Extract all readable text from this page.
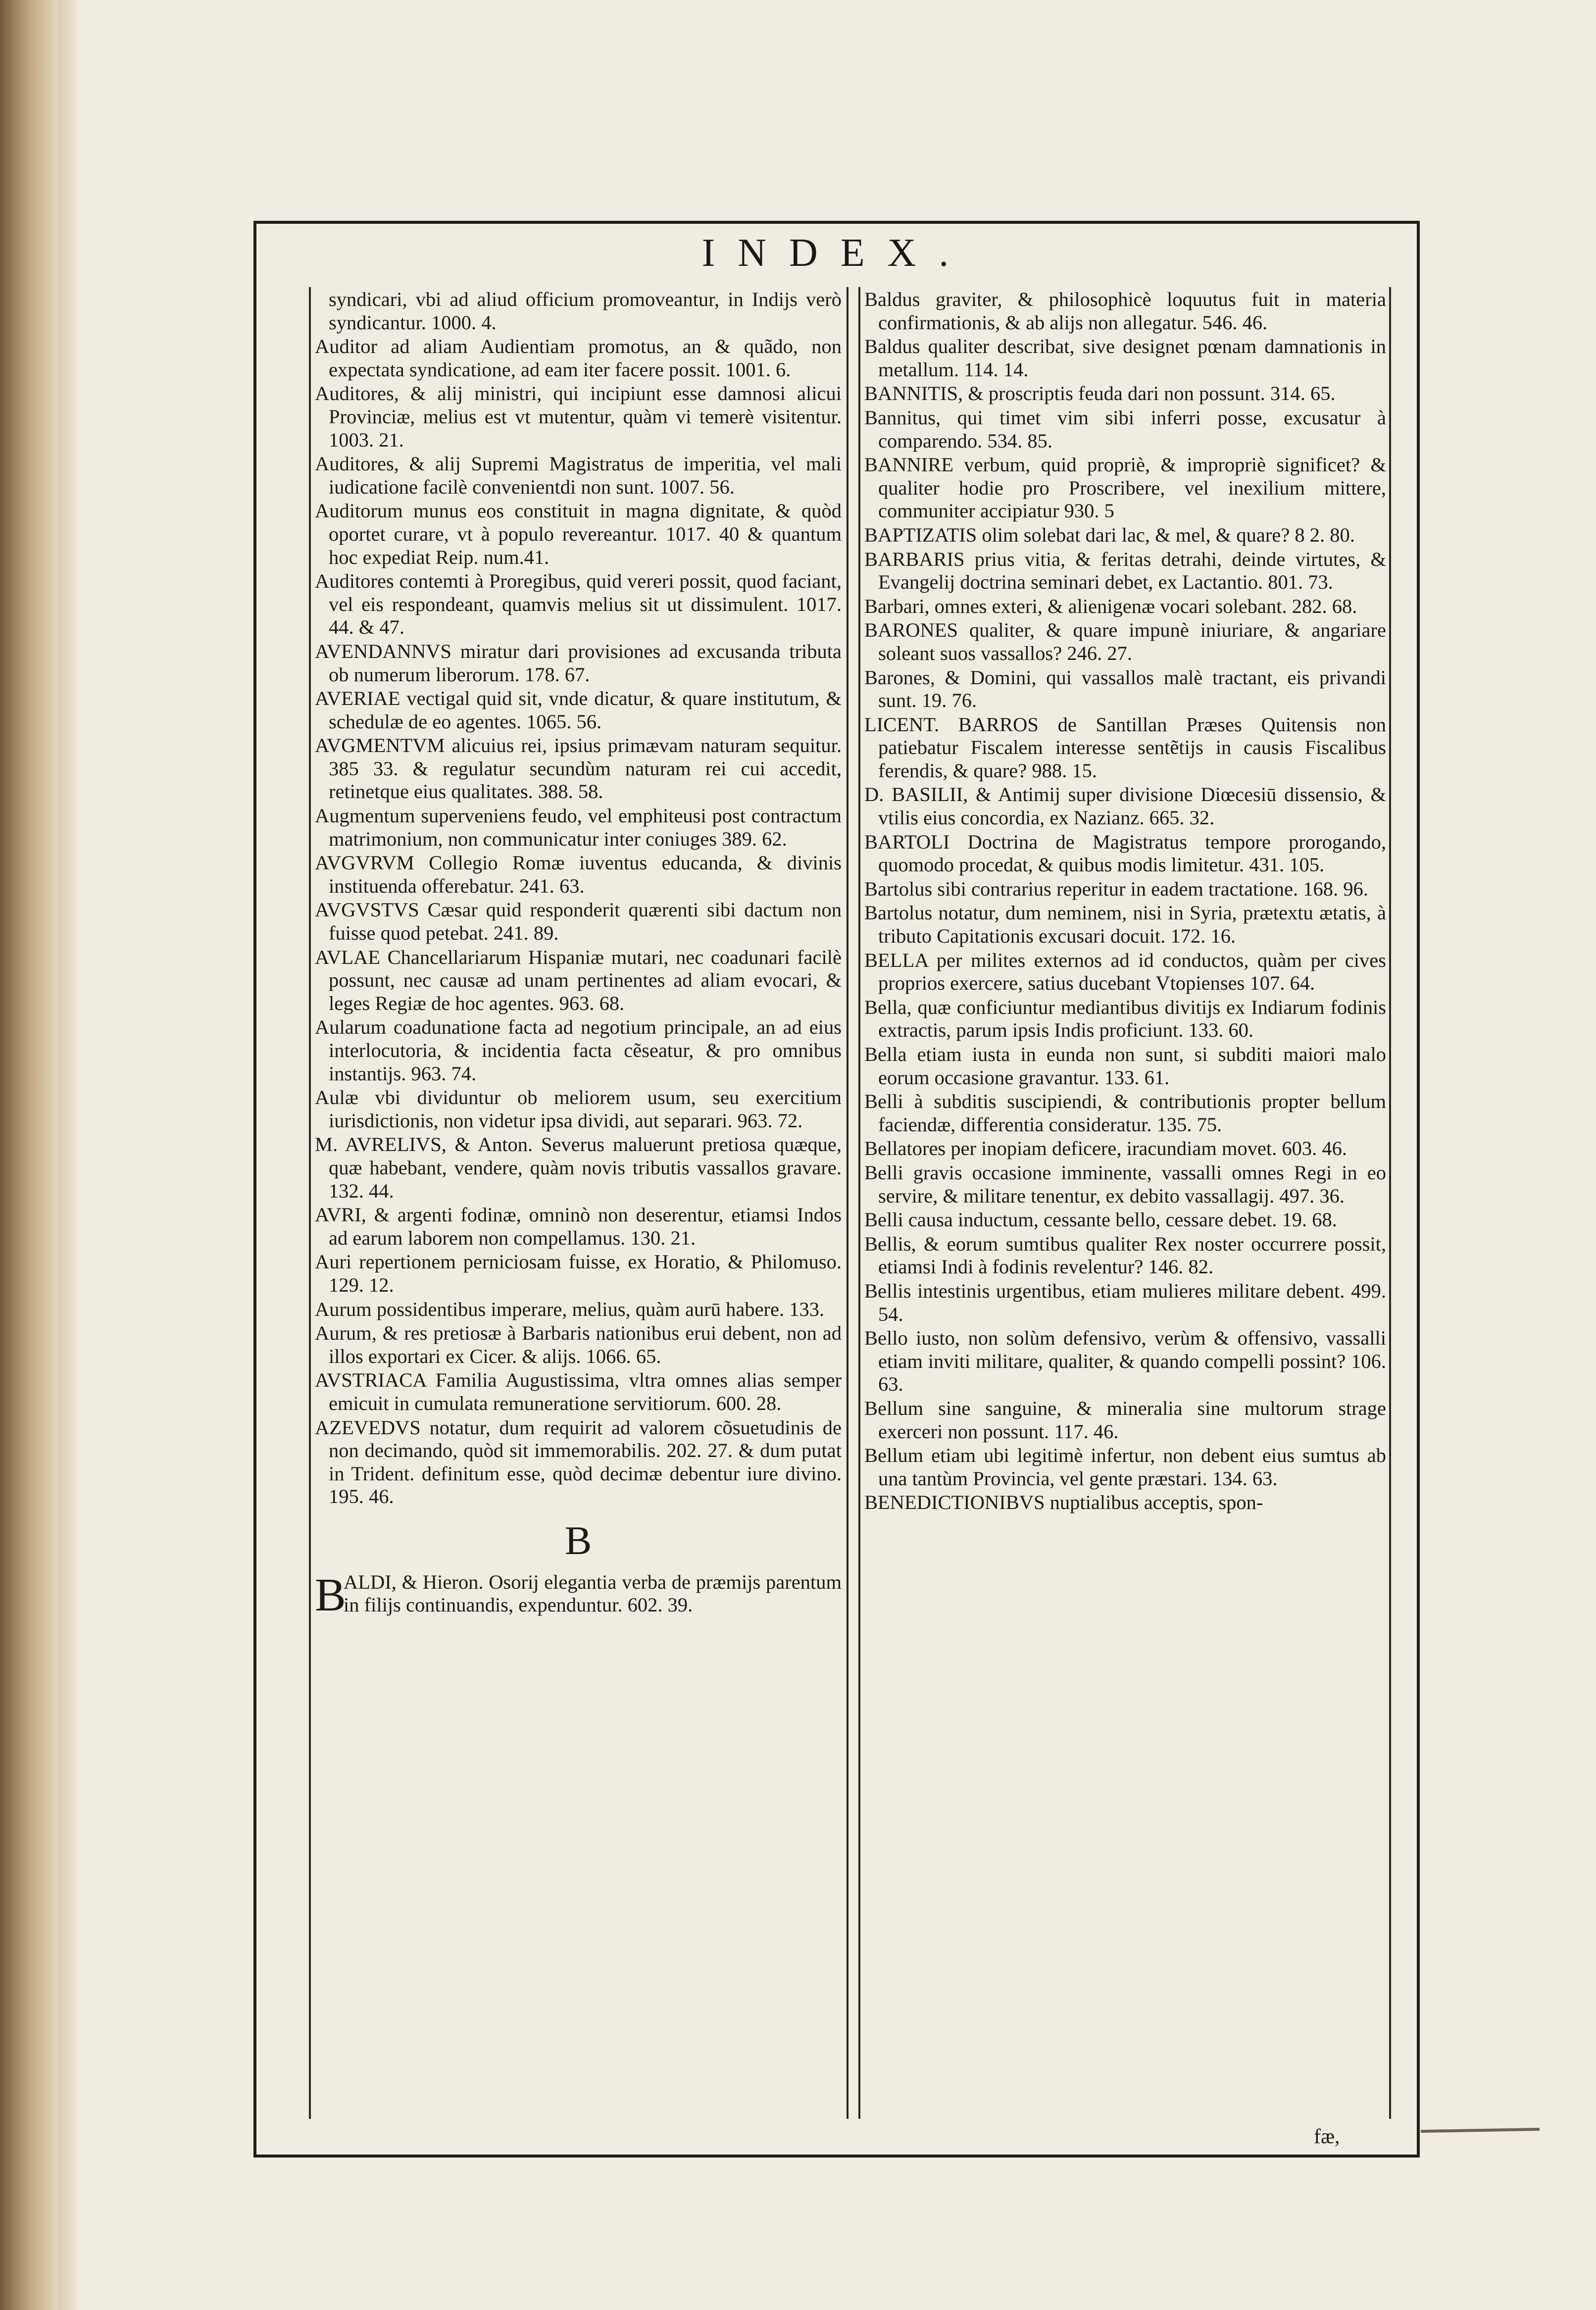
INDEX.
syndicari, vbi ad aliud officium promoveantur, in Indijs verò syndicantur. 1000. 4.
Auditor ad aliam Audientiam promotus, an & quãdo, non expectata syndicatione, ad eam iter facere possit. 1001. 6.
Auditores, & alij ministri, qui incipiunt esse damnosi alicui Provinciæ, melius est vt mutentur, quàm vi temerè visitentur. 1003. 21.
Auditores, & alij Supremi Magistratus de imperitia, vel mali iudicatione facilè convenientdi non sunt. 1007. 56.
Auditorum munus eos constituit in magna dignitate, & quòd oportet curare, vt à populo revereantur. 1017. 40 & quantum hoc expediat Reip. num.41.
Auditores contemti à Proregibus, quid vereri possit, quod faciant, vel eis respondeant, quamvis melius sit ut dissimulent. 1017. 44. & 47.
AVENDANNVS miratur dari provisiones ad excusanda tributa ob numerum liberorum. 178. 67.
AVERIAE vectigal quid sit, vnde dicatur, & quare institutum, & schedulæ de eo agentes. 1065. 56.
AVGMENTVM alicuius rei, ipsius primævam naturam sequitur. 385 33. & regulatur secundùm naturam rei cui accedit, retinetque eius qualitates. 388. 58.
Augmentum superveniens feudo, vel emphiteusi post contractum matrimonium, non communicatur inter coniuges 389. 62.
AVGVRVM Collegio Romæ iuventus educanda, & divinis instituenda offerebatur. 241. 63.
AVGVSTVS Cæsar quid responderit quærenti sibi dactum non fuisse quod petebat. 241. 89.
AVLAE Chancellariarum Hispaniæ mutari, nec coadunari facilè possunt, nec causæ ad unam pertinentes ad aliam evocari, & leges Regiæ de hoc agentes. 963. 68.
Aularum coadunatione facta ad negotium principale, an ad eius interlocutoria, & incidentia facta cẽseatur, & pro omnibus instantijs. 963. 74.
Aulæ vbi dividuntur ob meliorem usum, seu exercitium iurisdictionis, non videtur ipsa dividi, aut separari. 963. 72.
M. AVRELIVS, & Anton. Severus maluerunt pretiosa quæque, quæ habebant, vendere, quàm novis tributis vassallos gravare. 132. 44.
AVRI, & argenti fodinæ, omninò non deserentur, etiamsi Indos ad earum laborem non compellamus. 130. 21.
Auri repertionem perniciosam fuisse, ex Horatio, & Philomuso. 129. 12.
Aurum possidentibus imperare, melius, quàm aurū habere. 133.
Aurum, & res pretiosæ à Barbaris nationibus erui debent, non ad illos exportari ex Cicer. & alijs. 1066. 65.
AVSTRIACA Familia Augustissima, vltra omnes alias semper emicuit in cumulata remuneratione servitiorum. 600. 28.
AZEVEDVS notatur, dum requirit ad valorem cõsuetudinis de non decimando, quòd sit immemorabilis. 202. 27. & dum putat in Trident. definitum esse, quòd decimæ debentur iure divino. 195. 46.
B
B
ALDI, & Hieron. Osorij elegantia verba de præmijs parentum in filijs continuandis, expenduntur. 602. 39.
Baldus graviter, & philosophicè loquutus fuit in materia confirmationis, & ab alijs non allegatur. 546. 46.
Baldus qualiter describat, sive designet pœnam damnationis in metallum. 114. 14.
BANNITIS, & proscriptis feuda dari non possunt. 314. 65.
Bannitus, qui timet vim sibi inferri posse, excusatur à comparendo. 534. 85.
BANNIRE verbum, quid propriè, & impropriè significet? & qualiter hodie pro Proscribere, vel inexilium mittere, communiter accipiatur 930. 5
BAPTIZATIS olim solebat dari lac, & mel, & quare? 8 2. 80.
BARBARIS prius vitia, & feritas detrahi, deinde virtutes, & Evangelij doctrina seminari debet, ex Lactantio. 801. 73.
Barbari, omnes exteri, & alienigenæ vocari solebant. 282. 68.
BARONES qualiter, & quare impunè iniuriare, & angariare soleant suos vassallos? 246. 27.
Barones, & Domini, qui vassallos malè tractant, eis privandi sunt. 19. 76.
LICENT. BARROS de Santillan Præses Quitensis non patiebatur Fiscalem interesse sentẽtijs in causis Fiscalibus ferendis, & quare? 988. 15.
D. BASILII, & Antimij super divisione Diœcesiū dissensio, & vtilis eius concordia, ex Nazianz. 665. 32.
BARTOLI Doctrina de Magistratus tempore prorogando, quomodo procedat, & quibus modis limitetur. 431. 105.
Bartolus sibi contrarius reperitur in eadem tractatione. 168. 96.
Bartolus notatur, dum neminem, nisi in Syria, prætextu ætatis, à tributo Capitationis excusari docuit. 172. 16.
BELLA per milites externos ad id conductos, quàm per cives proprios exercere, satius ducebant Vtopienses 107. 64.
Bella, quæ conficiuntur mediantibus divitijs ex Indiarum fodinis extractis, parum ipsis Indis proficiunt. 133. 60.
Bella etiam iusta in eunda non sunt, si subditi maiori malo eorum occasione gravantur. 133. 61.
Belli à subditis suscipiendi, & contributionis propter bellum faciendæ, differentia consideratur. 135. 75.
Bellatores per inopiam deficere, iracundiam movet. 603. 46.
Belli gravis occasione imminente, vassalli omnes Regi in eo servire, & militare tenentur, ex debito vassallagij. 497. 36.
Belli causa inductum, cessante bello, cessare debet. 19. 68.
Bellis, & eorum sumtibus qualiter Rex noster occurrere possit, etiamsi Indi à fodinis revelentur? 146. 82.
Bellis intestinis urgentibus, etiam mulieres militare debent. 499. 54.
Bello iusto, non solùm defensivo, verùm & offensivo, vassalli etiam inviti militare, qualiter, & quando compelli possint? 106. 63.
Bellum sine sanguine, & mineralia sine multorum strage exerceri non possunt. 117. 46.
Bellum etiam ubi legitimè infertur, non debent eius sumtus ab una tantùm Provincia, vel gente præstari. 134. 63.
BENEDICTIONIBVS nuptialibus acceptis, spon-
fæ,
